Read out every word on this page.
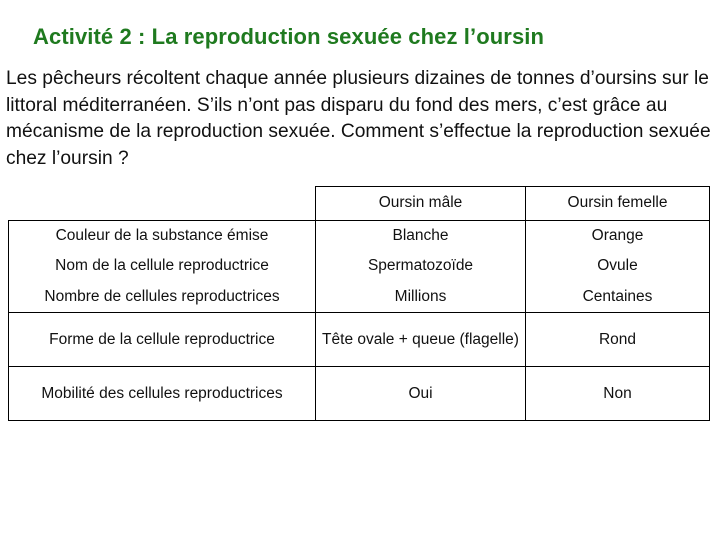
Activité 2 : La reproduction sexuée chez l’oursin
Les pêcheurs récoltent chaque année plusieurs dizaines de tonnes d’oursins sur le littoral méditerranéen. S’ils n’ont pas disparu du fond des mers, c’est grâce au mécanisme de la reproduction sexuée. Comment s’effectue la reproduction sexuée chez l’oursin ?
	Oursin mâle	Oursin femelle
Couleur de la substance émise	Blanche	Orange
Nom de la cellule reproductrice	Spermatozoïde	Ovule
Nombre de cellules reproductrices	Millions	Centaines
Forme de la cellule reproductrice	Tête ovale + queue (flagelle)	Rond
Mobilité des cellules reproductrices	Oui	Non
